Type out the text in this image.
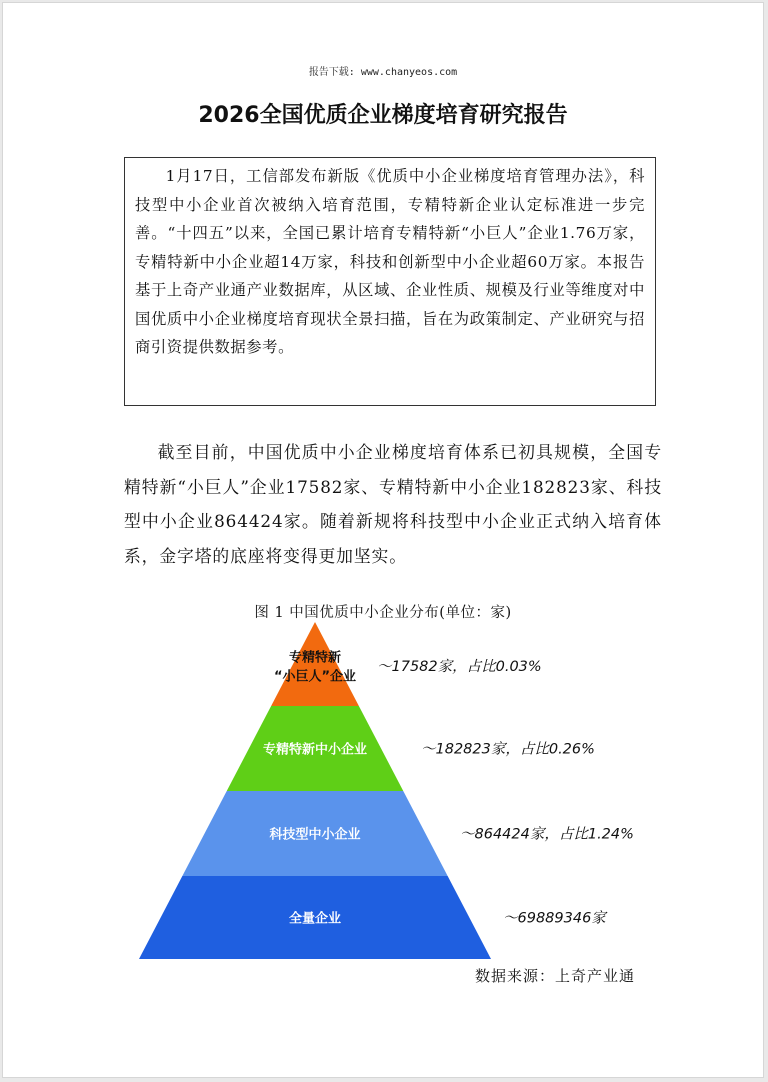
报告下载: www.chanyeos.com
2026全国优质企业梯度培育研究报告

1月17日，工信部发布新版《优质中小企业梯度培育管理办法》，科技型中小企业首次被纳入培育范围，专精特新企业认定标准进一步完善。“十四五”以来，全国已累计培育专精特新“小巨人”企业1.76万家，专精特新中小企业超14万家，科技和创新型中小企业超60万家。本报告基于上奇产业通产业数据库，从区域、企业性质、规模及行业等维度对中国优质中小企业梯度培育现状全景扫描，旨在为政策制定、产业研究与招商引资提供数据参考。

截至目前，中国优质中小企业梯度培育体系已初具规模，全国专精特新“小巨人”企业17582家、专精特新中小企业182823家、科技型中小企业864424家。随着新规将科技型中小企业正式纳入培育体系，金字塔的底座将变得更加坚实。

图 1 中国优质中小企业分布(单位：家)
专精特新
“小巨人”企业
～17582家，占比0.03%
专精特新中小企业	～182823家，占比0.26%
科技型中小企业	～864424家，占比1.24%
全量企业	～69889346家
数据来源：上奇产业通
